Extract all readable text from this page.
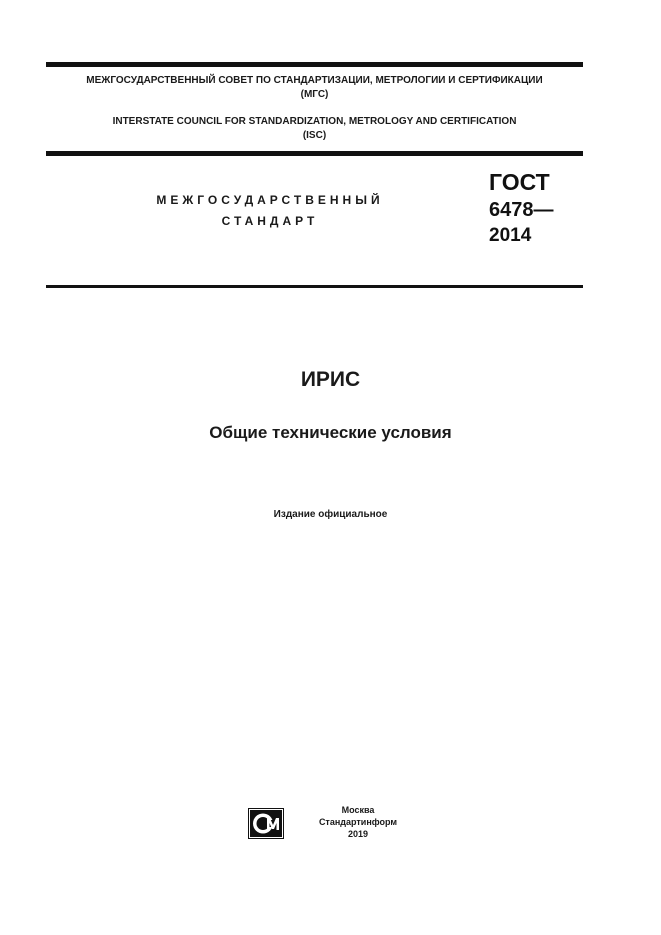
МЕЖГОСУДАРСТВЕННЫЙ СОВЕТ ПО СТАНДАРТИЗАЦИИ, МЕТРОЛОГИИ И СЕРТИФИКАЦИИ
(МГС)
INTERSTATE COUNCIL FOR STANDARDIZATION, METROLOGY AND CERTIFICATION
(ISC)
МЕЖГОСУДАРСТВЕННЫЙ
СТАНДАРТ
ГОСТ
6478—
2014
ИРИС
Общие технические условия
Издание официальное
Москва
Стандартинформ
2019
